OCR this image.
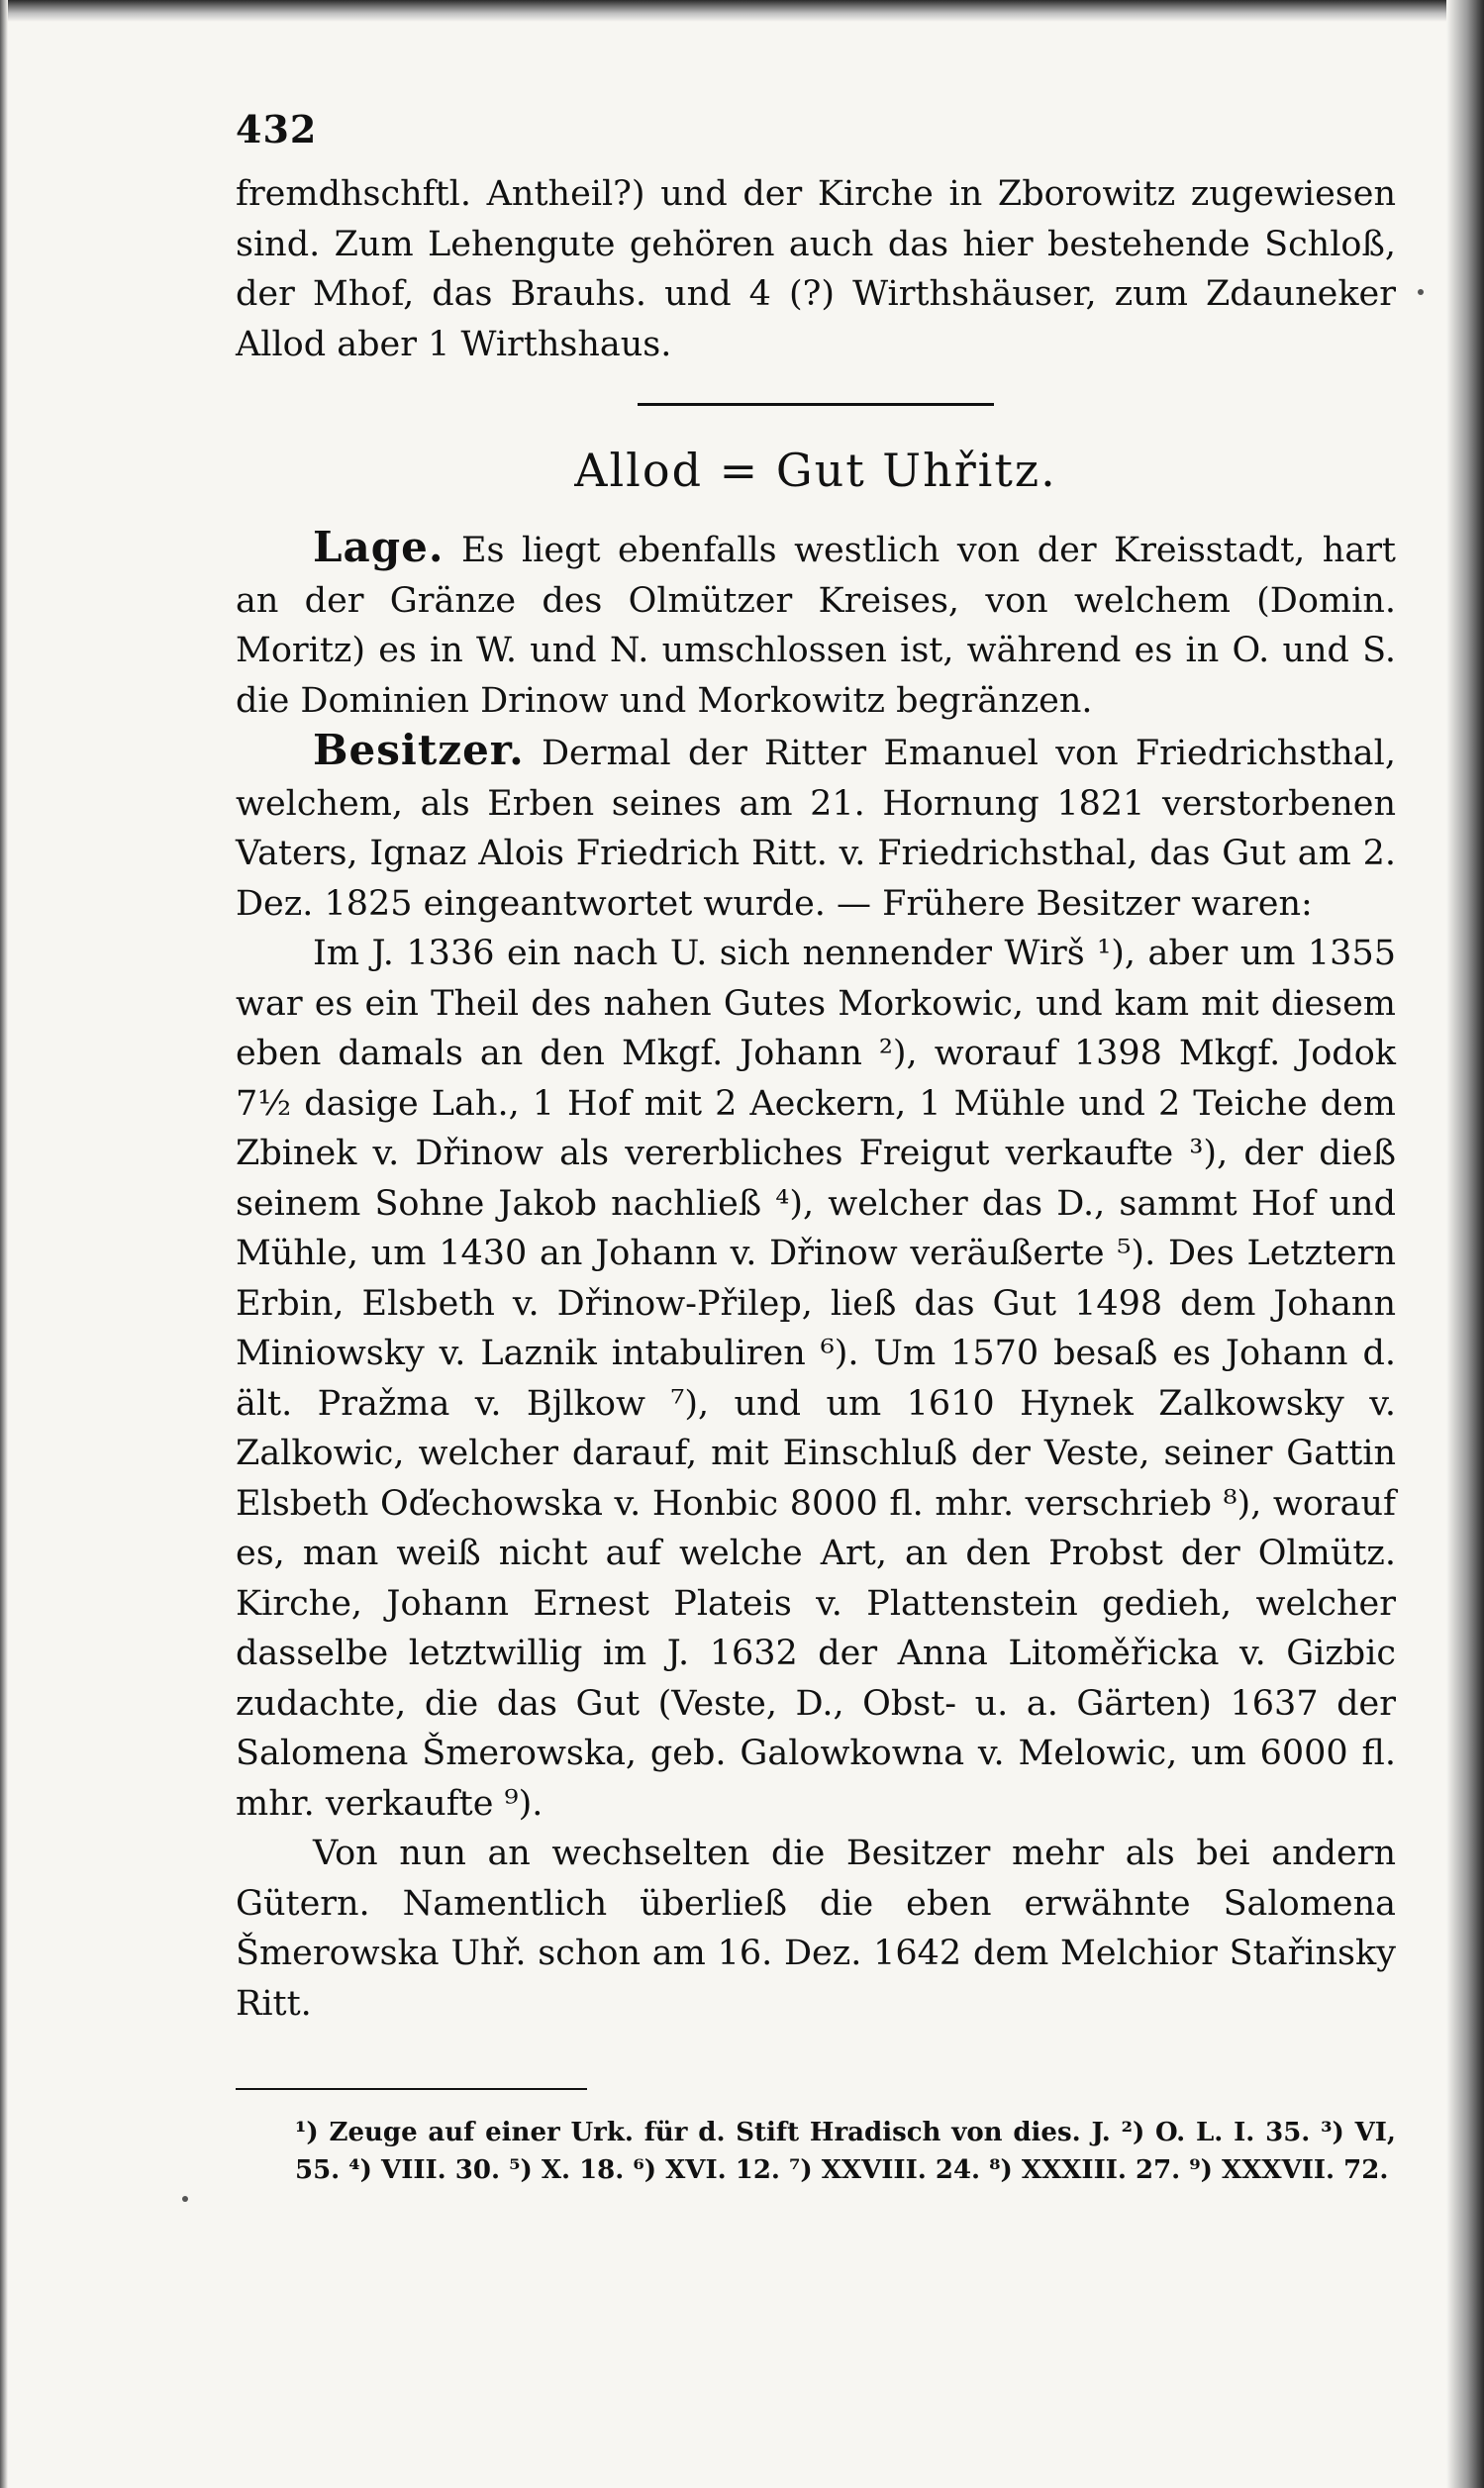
432

fremdhschftl. Antheil?) und der Kirche in Zborowitz zugewiesen sind. Zum Lehengute gehören auch das hier bestehende Schloß, der Mhof, das Brauhs. und 4 (?) Wirthshäuser, zum Zdauneker Allod aber 1 Wirthshaus.

Allod = Gut Uhřitz.

Lage. Es liegt ebenfalls westlich von der Kreisstadt, hart an der Gränze des Olmützer Kreises, von welchem (Domin. Moritz) es in W. und N. umschlossen ist, während es in O. und S. die Dominien Drinow und Morkowitz begränzen.

Besitzer. Dermal der Ritter Emanuel von Friedrichsthal, welchem, als Erben seines am 21. Hornung 1821 verstorbenen Vaters, Ignaz Alois Friedrich Ritt. v. Friedrichsthal, das Gut am 2. Dez. 1825 eingeantwortet wurde. — Frühere Besitzer waren:

Im J. 1336 ein nach U. sich nennender Wirš ¹), aber um 1355 war es ein Theil des nahen Gutes Morkowic, und kam mit diesem eben damals an den Mkgf. Johann ²), worauf 1398 Mkgf. Jodok 7½ dasige Lah., 1 Hof mit 2 Aeckern, 1 Mühle und 2 Teiche dem Zbinek v. Dřinow als vererbliches Freigut verkaufte ³), der dieß seinem Sohne Jakob nachließ ⁴), welcher das D., sammt Hof und Mühle, um 1430 an Johann v. Dřinow veräußerte ⁵). Des Letztern Erbin, Elsbeth v. Dřinow-Přilep, ließ das Gut 1498 dem Johann Miniowsky v. Laznik intabuliren ⁶). Um 1570 besaß es Johann d. ält. Pražma v. Bjlkow ⁷), und um 1610 Hynek Zalkowsky v. Zalkowic, welcher darauf, mit Einschluß der Veste, seiner Gattin Elsbeth Oďechowska v. Honbic 8000 fl. mhr. verschrieb ⁸), worauf es, man weiß nicht auf welche Art, an den Probst der Olmütz. Kirche, Johann Ernest Plateis v. Plattenstein gedieh, welcher dasselbe letztwillig im J. 1632 der Anna Litoměřicka v. Gizbic zudachte, die das Gut (Veste, D., Obst- u. a. Gärten) 1637 der Salomena Šmerowska, geb. Galowkowna v. Melowic, um 6000 fl. mhr. verkaufte ⁹).

Von nun an wechselten die Besitzer mehr als bei andern Gütern. Namentlich überließ die eben erwähnte Salomena Šmerowska Uhř. schon am 16. Dez. 1642 dem Melchior Stařinsky Ritt.

¹) Zeuge auf einer Urk. für d. Stift Hradisch von dies. J. ²) O. L. I. 35. ³) VI, 55. ⁴) VIII. 30. ⁵) X. 18. ⁶) XVI. 12. ⁷) XXVIII. 24. ⁸) XXXIII. 27. ⁹) XXXVII. 72.
